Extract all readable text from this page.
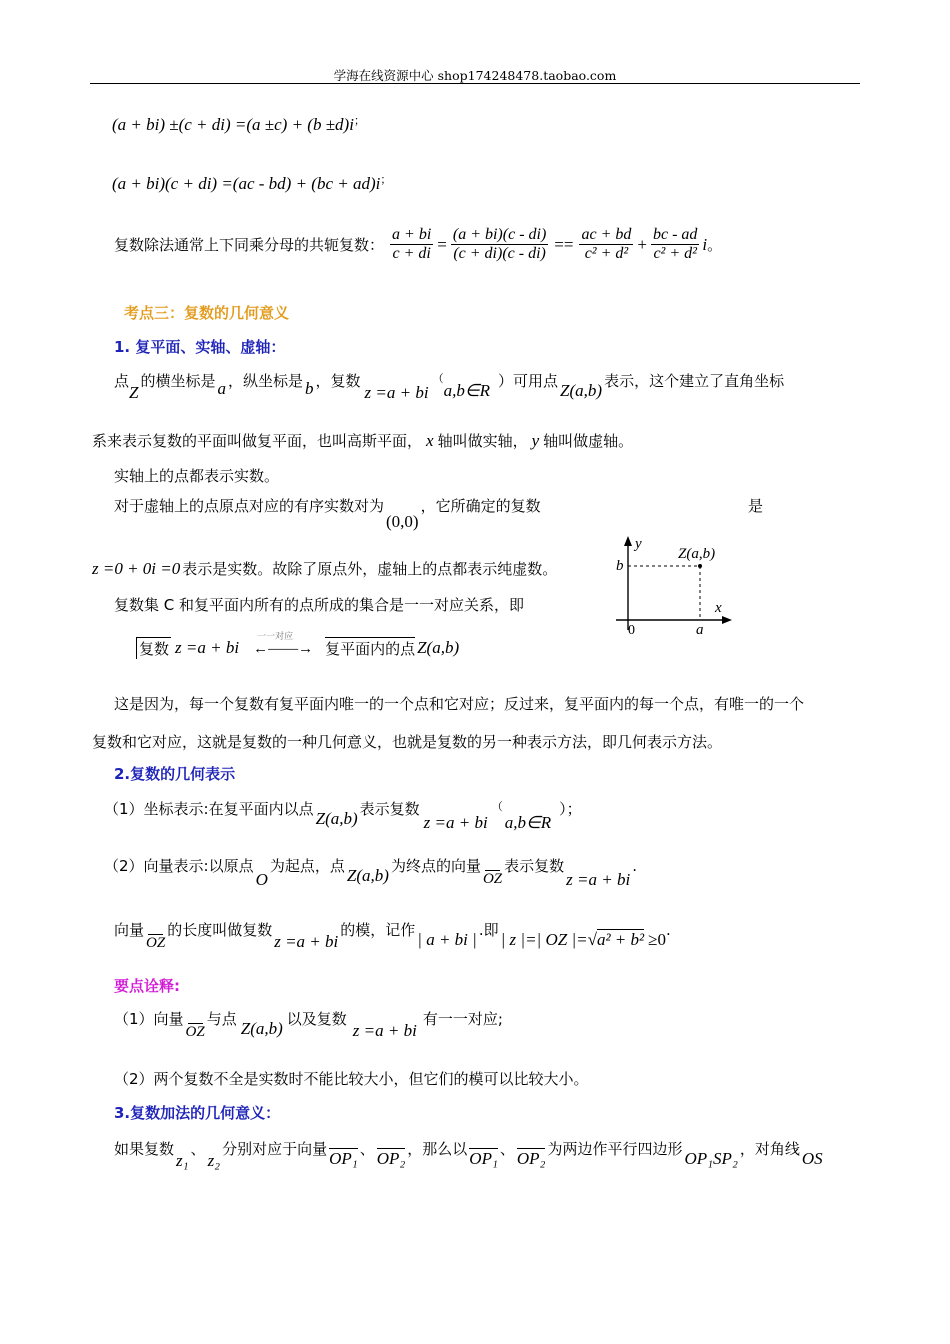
学海在线资源中心 shop174248478.taobao.com
(a + bi) ±(c + di) =(a ±c) + (b ±d)i；
(a + bi)(c + di) =(ac - bd) + (bc + ad)i；
复数除法通常上下同乘分母的共轭复数： $\frac{a + bi}{c + di} = \frac{(a + bi)(c - di)}{(c + di)(c - di)} == \frac{ac + bd}{\text{c² + d²}} + \frac{bc - ad}{\text{c² + d²}}$ i 。
考点三：复数的几何意义
1. 复平面、实轴、虚轴：
点Z的横坐标是 a ，纵坐标是 b ，复数z =a + bi（a,b∈R ）可用点 Z(a,b) 表示，这个建立了直角坐标
系来表示复数的平面叫做复平面，也叫高斯平面， x 轴叫做实轴， y 轴叫做虚轴。
实轴上的点都表示实数。
对于虚轴上的点原点对应的有序实数对为(0,0)，它所确定的复数	是
z =0 + 0i =0 表示是实数。故除了原点外，虚轴上的点都表示纯虚数。
复数集 C 和复平面内所有的点所成的集合是一一对应关系，即
复数 z =a + bi
一一对应
←——→ 复平面内的点 Z(a,b)
y
x
Z(a,b)
b
a
0
这是因为，每一个复数有复平面内唯一的一个点和它对应；反过来，复平面内的每一个点，有唯一的一个
复数和它对应，这就是复数的一种几何意义，也就是复数的另一种表示方法，即几何表示方法。
2.复数的几何表示
（1）坐标表示:在复平面内以点 Z(a,b) 表示复数z =a + bi（a,b∈R）；
（2）向量表示:以原点O为起点，点 Z(a,b) 为终点的向量
OZ表示复数z =a + bi.
向量
OZ的长度叫做复数z =a + bi的模，记作 | a + bi | .即 | z |=| OZ |=√a² + b² ≥0.
要点诠释:
（1）向量
OZ与点 Z(a,b) 以及复数z =a + bi有一一对应;
（2）两个复数不全是实数时不能比较大小，但它们的模可以比较大小。
3.复数加法的几何意义：
如果复数z₁、z₂分别对应于向量 OP₁ 、 OP₂ ，那么以 OP₁ 、 OP₂ 为两边作平行四边形 OP₁SP₂ ，对角线 OS
